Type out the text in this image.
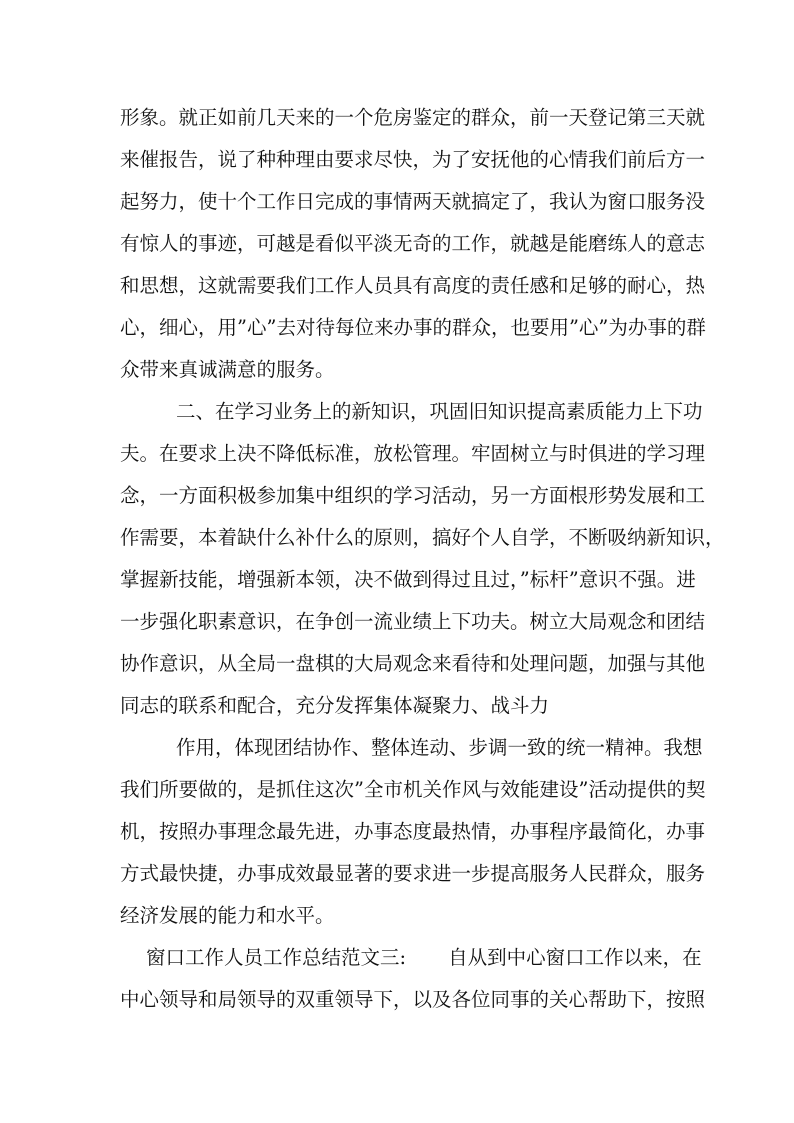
形象。就正如前几天来的一个危房鉴定的群众，前一天登记第三天就
来催报告，说了种种理由要求尽快，为了安抚他的心情我们前后方一
起努力，使十个工作日完成的事情两天就搞定了，我认为窗口服务没
有惊人的事迹，可越是看似平淡无奇的工作，就越是能磨练人的意志
和思想，这就需要我们工作人员具有高度的责任感和足够的耐心，热
心，细心，用”心”去对待每位来办事的群众，也要用”心”为办事的群
众带来真诚满意的服务。
二、在学习业务上的新知识，巩固旧知识提高素质能力上下功
夫。在要求上决不降低标准，放松管理。牢固树立与时俱进的学习理
念，一方面积极参加集中组织的学习活动，另一方面根形势发展和工
作需要，本着缺什么补什么的原则，搞好个人自学，不断吸纳新知识，
掌握新技能，增强新本领，决不做到得过且过，”标杆”意识不强。进
一步强化职素意识，在争创一流业绩上下功夫。树立大局观念和团结
协作意识，从全局一盘棋的大局观念来看待和处理问题，加强与其他
同志的联系和配合，充分发挥集体凝聚力、战斗力
作用，体现团结协作、整体连动、步调一致的统一精神。我想
我们所要做的，是抓住这次”全市机关作风与效能建设”活动提供的契
机，按照办事理念最先进，办事态度最热情，办事程序最简化，办事
方式最快捷，办事成效最显著的要求进一步提高服务人民群众，服务
经济发展的能力和水平。
窗口工作人员工作总结范文三: 自从到中心窗口工作以来，在
中心领导和局领导的双重领导下，以及各位同事的关心帮助下，按照
